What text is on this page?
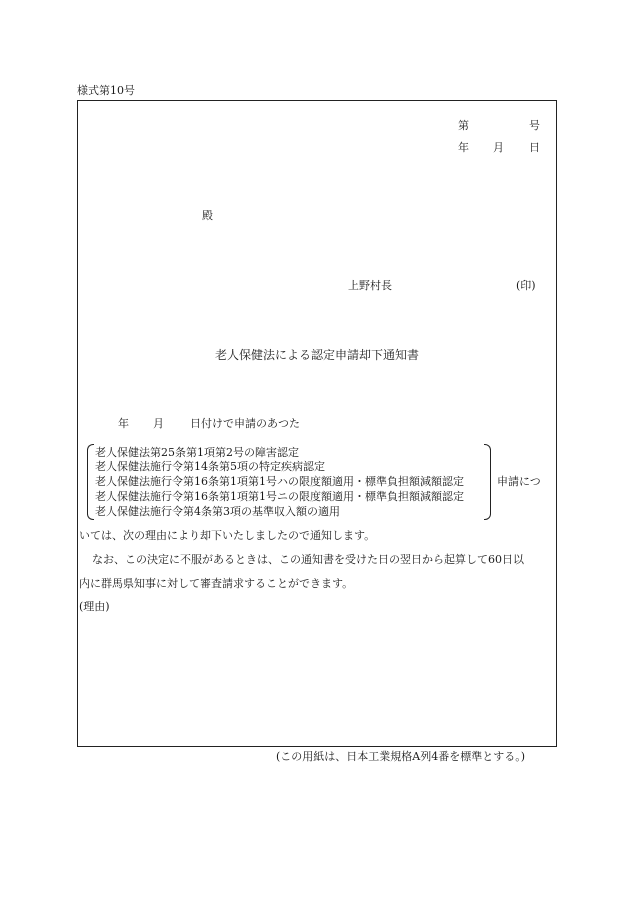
様式第10号
第	号
年 月 日
殿
上野村長	(印)
老人保健法による認定申請却下通知書
年 月 日付けで申請のあつた
老人保健法第25条第1項第2号の障害認定
老人保健法施行令第14条第5項の特定疾病認定
老人保健法施行令第16条第1項第1号ハの限度額適用・標準負担額減額認定
老人保健法施行令第16条第1項第1号ニの限度額適用・標準負担額減額認定
老人保健法施行令第4条第3項の基準収入額の適用
申請につ
いては、次の理由により却下いたしましたので通知します。
なお、この決定に不服があるときは、この通知書を受けた日の翌日から起算して60日以
内に群馬県知事に対して審査請求することができます。
(理由)
(この用紙は、日本工業規格A列4番を標準とする。)
